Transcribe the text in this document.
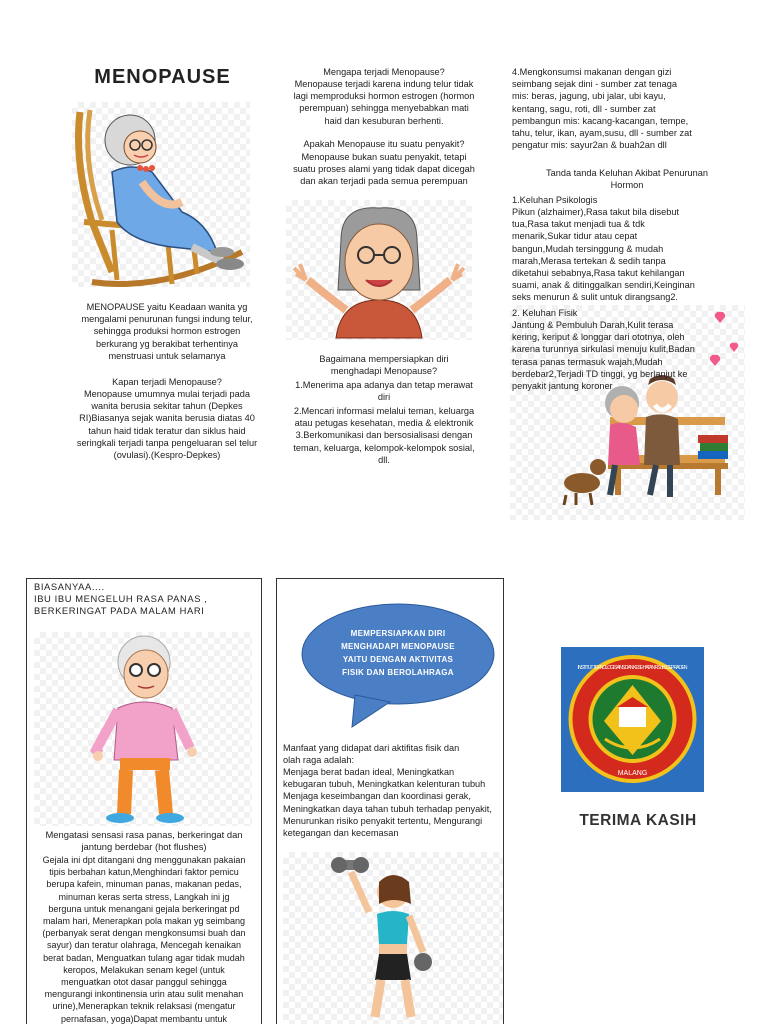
MENOPAUSE
MENOPAUSE yaitu Keadaan wanita yg
mengalami penurunan fungsi indung telur,
sehingga produksi hormon estrogen
berkurang yg berakibat terhentinya
menstruasi untuk selamanya
Kapan terjadi Menopause?
Menopause umumnya mulai terjadi pada
wanita berusia sekitar tahun (Depkes
RI)Biasanya sejak wanita berusia diatas 40
tahun haid tidak teratur dan siklus haid
seringkali terjadi tanpa pengeluaran sel telur
(ovulasi).(Kespro-Depkes)
Mengapa terjadi Menopause?
Menopause terjadi karena indung telur tidak
lagi memproduksi hormon estrogen (hormon
perempuan) sehingga menyebabkan mati
haid dan kesuburan berhenti.
Apakah Menopause itu suatu penyakit?
Menopause bukan suatu penyakit, tetapi
suatu proses alami yang tidak dapat dicegah
dan akan terjadi pada semua perempuan
Bagaimana mempersiapkan diri
menghadapi Menopause?
1.Menerima apa adanya dan tetap merawat
diri
2.Mencari informasi melalui teman, keluarga
atau petugas kesehatan, media & elektronik
3.Berkomunikasi dan bersosialisasi dengan
teman, keluarga, kelompok-kelompok sosial,
dll.
4.Mengkonsumsi makanan dengan gizi
seimbang sejak dini - sumber zat tenaga
mis: beras, jagung, ubi jalar, ubi kayu,
kentang, sagu, roti, dll - sumber zat
pembangun mis: kacang-kacangan, tempe,
tahu, telur, ikan, ayam,susu, dll - sumber zat
pengatur mis: sayur2an & buah2an dll
Tanda tanda Keluhan Akibat Penurunan
Hormon
1.Keluhan Psikologis
Pikun (alzhaimer),Rasa takut bila disebut
tua,Rasa takut menjadi tua & tdk
menarik,Sukar tidur atau cepat
bangun,Mudah tersinggung & mudah
marah,Merasa tertekan & sedih tanpa
diketahui sebabnya,Rasa takut kehilangan
suami, anak & ditinggalkan sendiri,Keinginan
seks menurun & sulit untuk dirangsang2.
2. Keluhan Fisik
Jantung & Pembuluh Darah,Kulit terasa
kering, keriput & longgar dari ototnya, oleh
karena turunnya sirkulasi menuju kulit,Badan
terasa panas termasuk wajah,Mudah
berdebar2,Terjadi TD tinggi, yg berlanjut ke
penyakit jantung koroner
BIASANYAA....
IBU IBU MENGELUH RASA PANAS ,
BERKERINGAT PADA MALAM HARI
Mengatasi sensasi rasa panas, berkeringat dan
jantung berdebar (hot flushes)
Gejala ini dpt ditangani dng menggunakan pakaian
tipis berbahan katun,Menghindari faktor pemicu
berupa kafein, minuman panas, makanan pedas,
minuman keras serta stress, Langkah ini jg
berguna untuk menangani gejala berkeringat pd
malam hari, Menerapkan pola makan yg seimbang
(perbanyak serat dengan mengkonsumsi buah dan
sayur) dan teratur olahraga, Mencegah kenaikan
berat badan, Menguatkan tulang agar tidak mudah
keropos, Melakukan senam kegel (untuk
menguatkan otot dasar panggul sehingga
mengurangi inkontinensia urin atau sulit menahan
urine),Menerapkan teknik relaksasi (mengatur
pernafasan, yoga)Dapat membantu untuk
MEMPERSIAPKAN DIRI
MENGHADAPI MENOPAUSE
YAITU DENGAN AKTIVITAS
FISIK DAN BEROLAHRAGA
Manfaat yang didapat dari aktifitas fisik dan
olah raga adalah:
Menjaga berat badan ideal, Meningkatkan
kebugaran tubuh, Meningkatkan kelenturan tubuh
Menjaga keseimbangan dan koordinasi gerak,
Meningkatkan daya tahan tubuh terhadap penyakit,
Menurunkan risiko penyakit tertentu, Mengurangi
ketegangan dan kecemasan
MALANG
INSTITUT TEKNOLOGI SAINS DAN KESEHATAN RS dr. SOEPRAOEN
TERIMA KASIH
